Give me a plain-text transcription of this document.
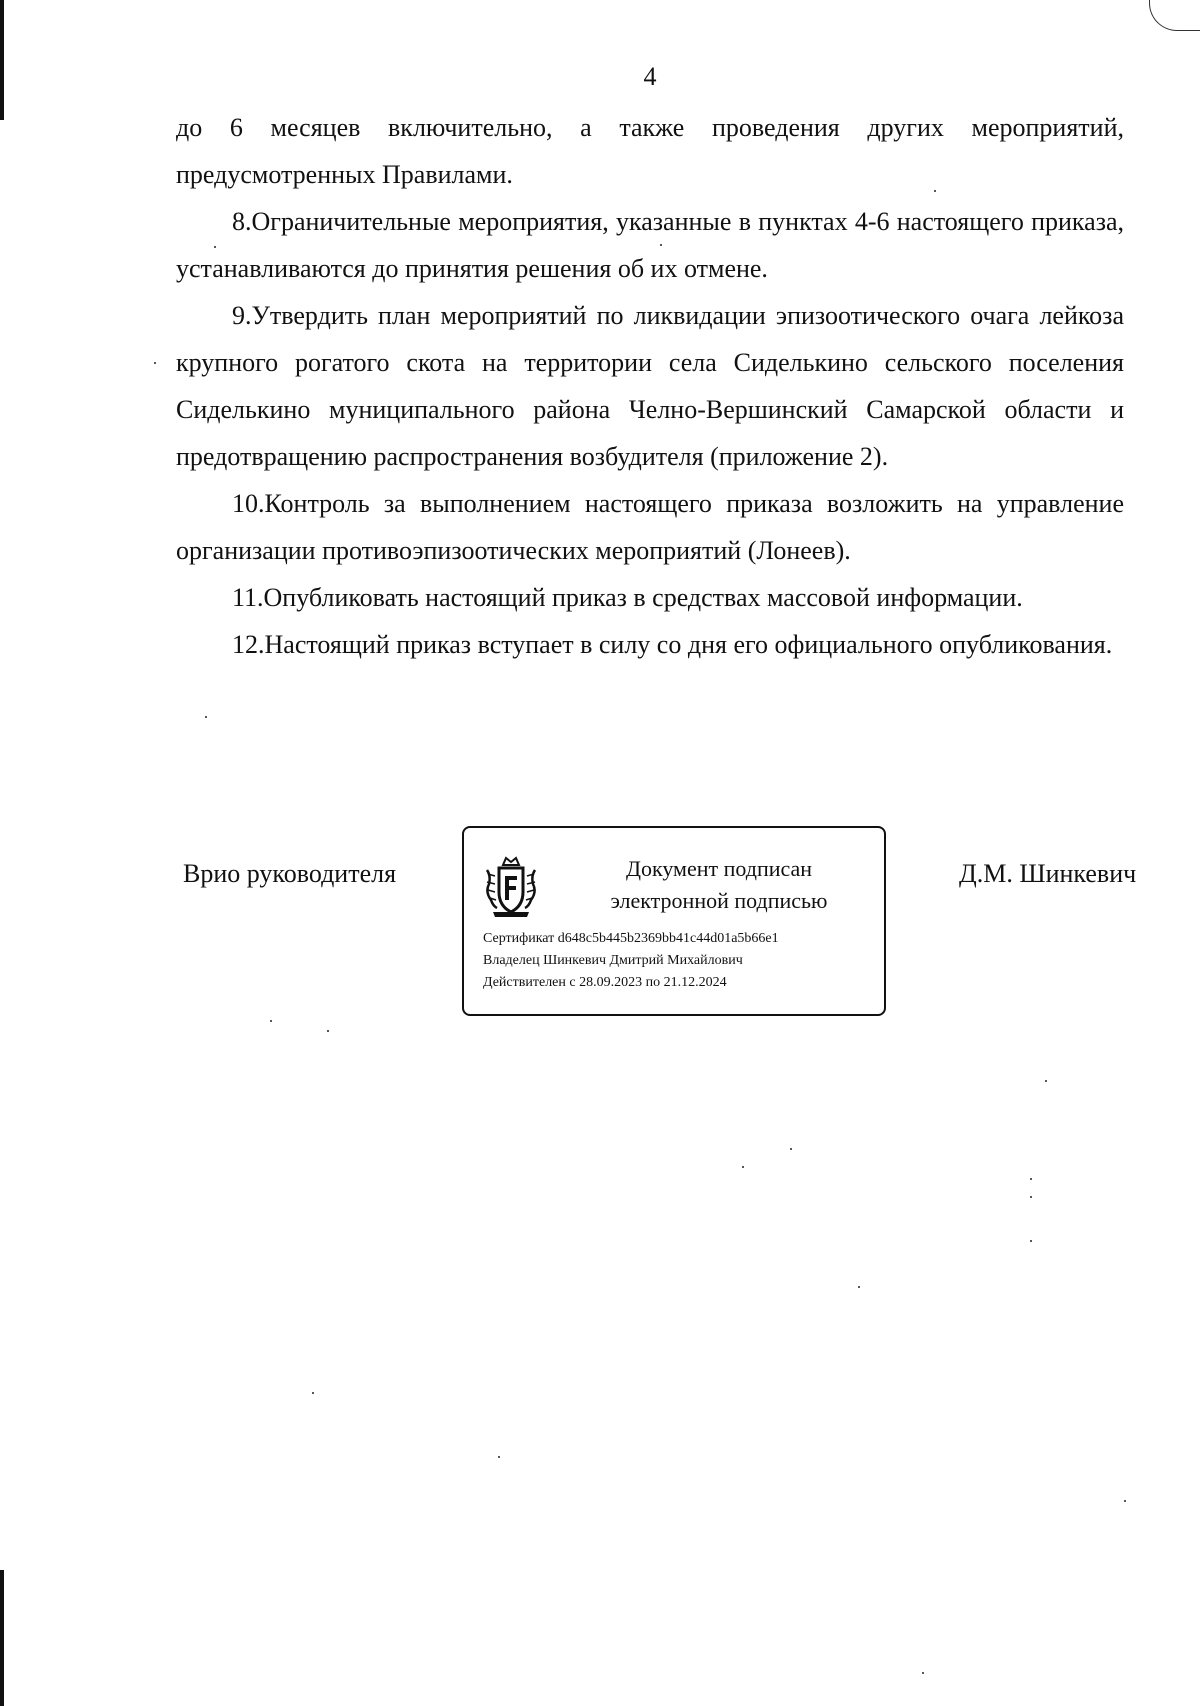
4

до 6 месяцев включительно, а также проведения других мероприятий, предусмотренных Правилами.

8.Ограничительные мероприятия, указанные в пунктах 4-6 настоящего приказа, устанавливаются до принятия решения об их отмене.

9.Утвердить план мероприятий по ликвидации эпизоотического очага лейкоза крупного рогатого скота на территории села Сиделькино сельского поселения Сиделькино муниципального района Челно-Вершинский Самарской области и предотвращению распространения возбудителя (приложение 2).

10.Контроль за выполнением настоящего приказа возложить на управление организации противоэпизоотических мероприятий (Лонеев).

11.Опубликовать настоящий приказ в средствах массовой информации.

12.Настоящий приказ вступает в силу со дня его официального опубликования.

Врио руководителя	Документ подписан
электронной подписью
Сертификат d648c5b445b2369bb41c44d01a5b66e1
Владелец Шинкевич Дмитрий Михайлович
Действителен с 28.09.2023 по 21.12.2024
Д.М. Шинкевич
